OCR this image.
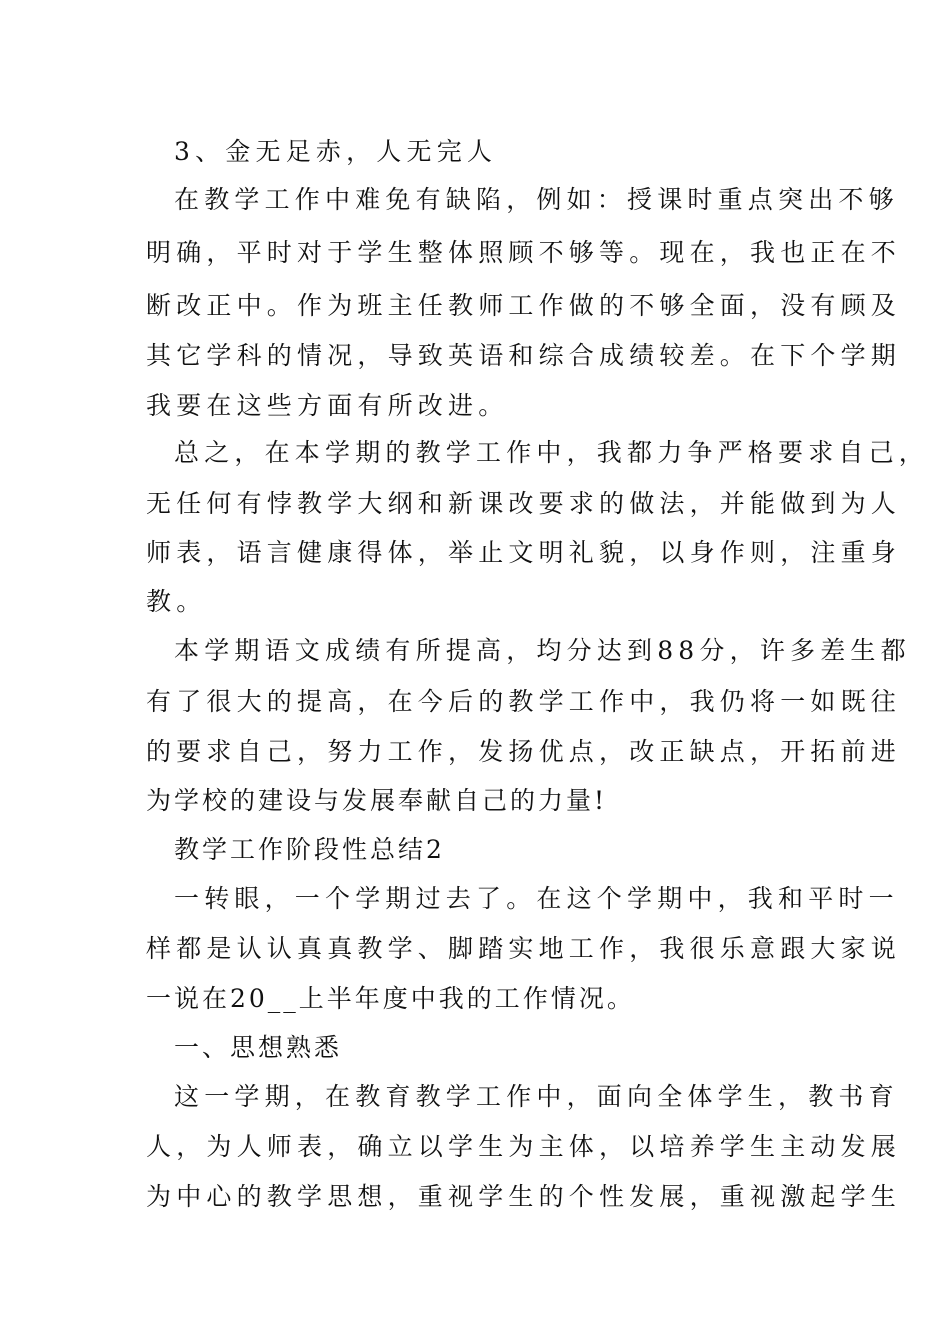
3、金无足赤，人无完人
在教学工作中难免有缺陷，例如：授课时重点突出不够
明确，平时对于学生整体照顾不够等。现在，我也正在不
断改正中。作为班主任教师工作做的不够全面，没有顾及
其它学科的情况，导致英语和综合成绩较差。在下个学期
我要在这些方面有所改进。
总之，在本学期的教学工作中，我都力争严格要求自己，
无任何有悖教学大纲和新课改要求的做法，并能做到为人
师表，语言健康得体，举止文明礼貌，以身作则，注重身
教。
本学期语文成绩有所提高，均分达到88分，许多差生都
有了很大的提高，在今后的教学工作中，我仍将一如既往
的要求自己，努力工作，发扬优点，改正缺点，开拓前进
为学校的建设与发展奉献自己的力量!
教学工作阶段性总结2
一转眼，一个学期过去了。在这个学期中，我和平时一
样都是认认真真教学、脚踏实地工作，我很乐意跟大家说
一说在20__上半年度中我的工作情况。
一、思想熟悉
这一学期，在教育教学工作中，面向全体学生，教书育
人，为人师表，确立以学生为主体，以培养学生主动发展
为中心的教学思想，重视学生的个性发展，重视激起学生
